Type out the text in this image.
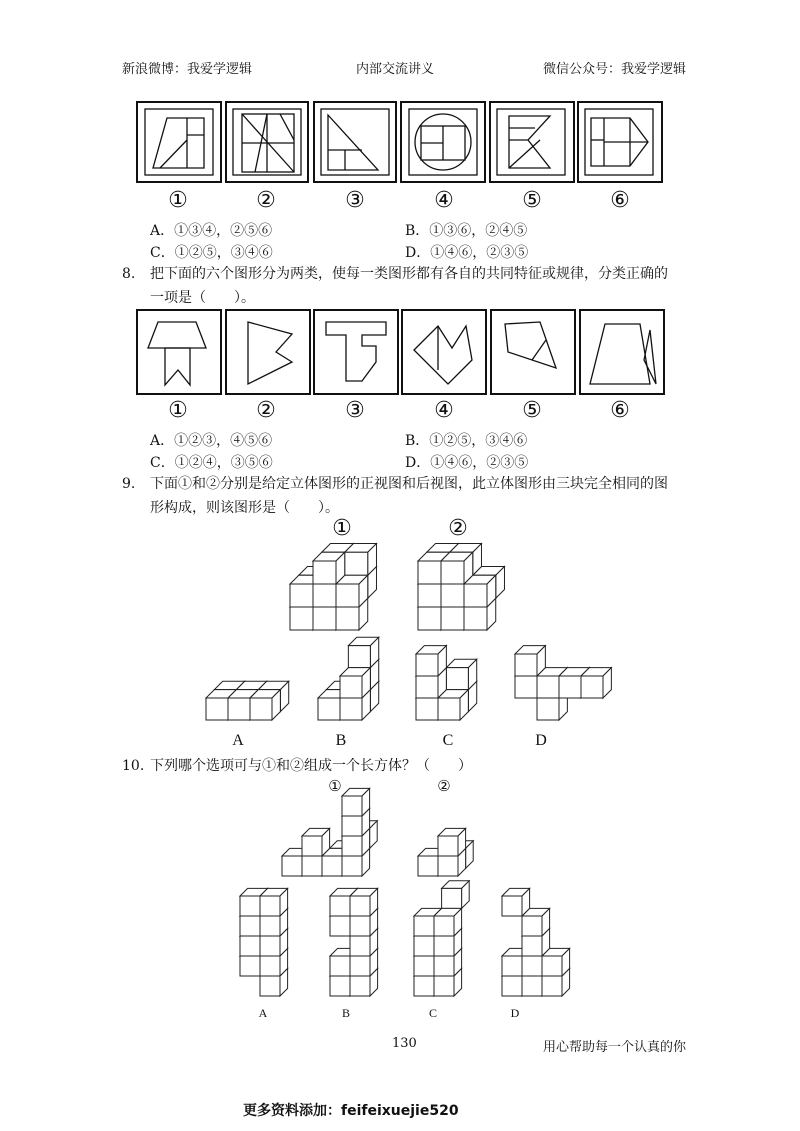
新浪微博：我爱学逻辑	内部交流讲义	微信公众号：我爱学逻辑
①	②	③	④	⑤	⑥
A．①③④，②⑤⑥	B．①③⑥，②④⑤
C．①②⑤，③④⑥	D．①④⑥，②③⑤
8. 把下面的六个图形分为两类，使每一类图形都有各自的共同特征或规律，分类正确的
一项是（　　）。
①	②	③	④	⑤	⑥
A．①②③，④⑤⑥	B．①②⑤，③④⑥
C．①②④，③⑤⑥	D．①④⑥，②③⑤
9. 下面①和②分别是给定立体图形的正视图和后视图，此立体图形由三块完全相同的图
形构成，则该图形是（　　）。
①	②
A	B	C	D
10. 下列哪个选项可与①和②组成一个长方体？（　　）
①	②
A	B	C	D
130	用心帮助每一个认真的你
更多资料添加：feifeixuejie520
